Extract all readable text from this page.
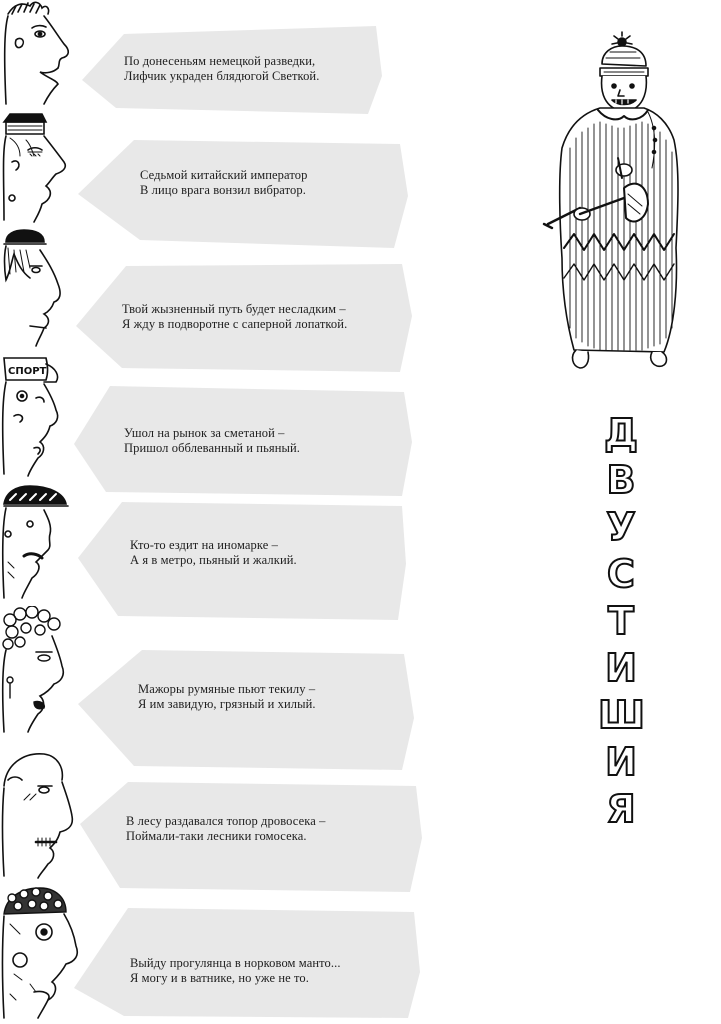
СПОРТ
По донесеньям немецкой разведки,
Лифчик украден блядюгой Светкой.
Седьмой китайский император
В лицо врага вонзил вибратор.
Твой жызненный путь будет несладким –
Я жду в подворотне с саперной лопаткой.
Ушол на рынок за сметаной –
Пришол обблеванный и пьяный.
Кто-то ездит на иномарке –
А я в метро, пьяный и жалкий.
Мажоры румяные пьют текилу –
Я им завидую, грязный и хилый.
В лесу раздавался топор дровосека –
Поймали-таки лесники гомосека.
Выйду прогулянца в норковом манто...
Я могу и в ватнике, но уже не то.
Д
В
У
С
Т
И
Ш
И
Я
